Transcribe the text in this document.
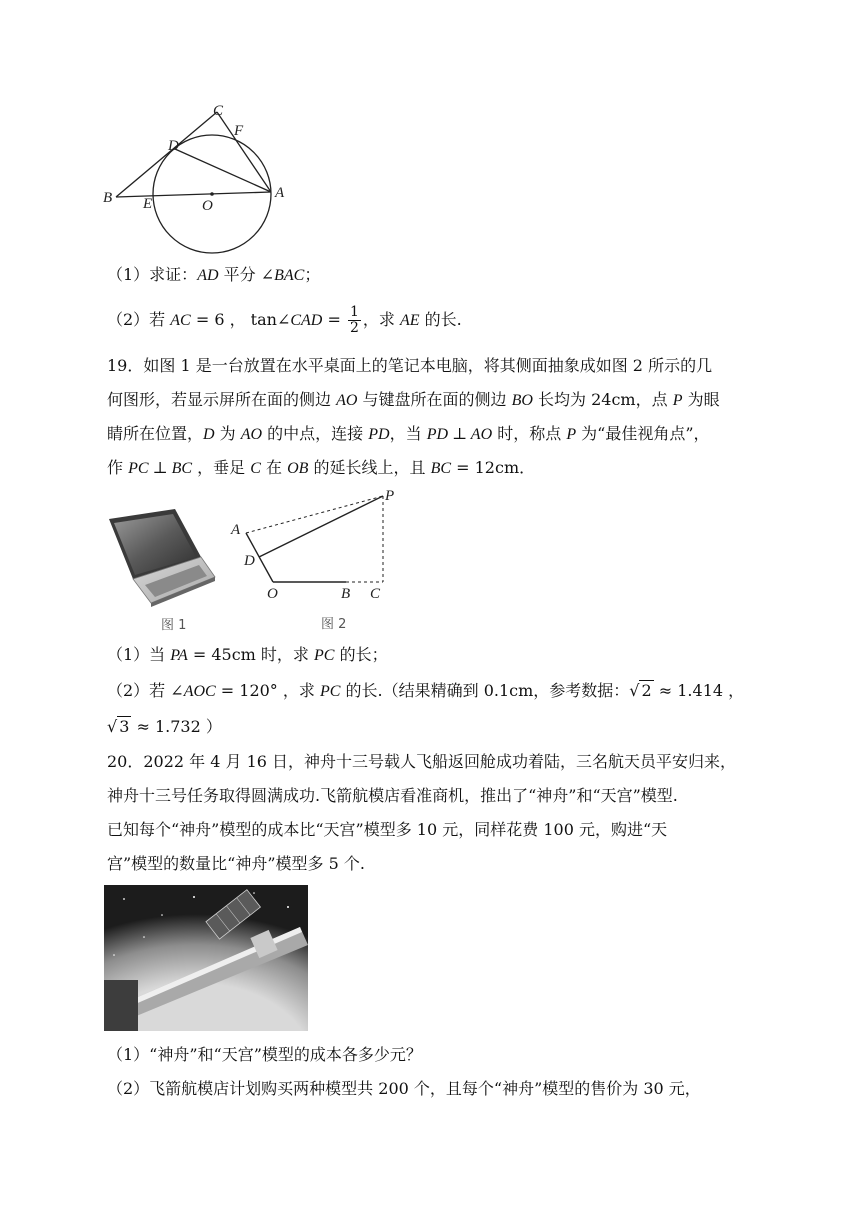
C
F
D
B E	O
A
（1）求证：AD 平分 ∠BAC；
（2）若 AC = 6 ， tan∠CAD = $\frac{1}{2}$ ，求 AE 的长.
19．如图 1 是一台放置在水平桌面上的笔记本电脑，将其侧面抽象成如图 2 所示的几
何图形，若显示屏所在面的侧边 AO 与键盘所在面的侧边 BO 长均为 24cm，点 P 为眼
睛所在位置，D 为 AO 的中点，连接 PD，当 PD ⊥ AO 时，称点 P 为“最佳视角点”，
作 PC ⊥ BC ，垂足 C 在 OB 的延长线上，且 BC = 12cm．
图 1
P
A
D
O	B C
图 2
（1）当 PA = 45cm 时，求 PC 的长；
（2）若 ∠AOC = 120° ，求 PC 的长.（结果精确到 0.1cm，参考数据：√ 2 ≈ 1.414 ，
√ 3 ≈ 1.732 ）
20．2022 年 4 月 16 日，神舟十三号载人飞船返回舱成功着陆，三名航天员平安归来，
神舟十三号任务取得圆满成功.飞箭航模店看准商机，推出了“神舟”和“天宫”模型.
已知每个“神舟”模型的成本比“天宫”模型多 10 元，同样花费 100 元，购进“天
宫”模型的数量比“神舟”模型多 5 个.
（1）“神舟”和“天宫”模型的成本各多少元？
（2）飞箭航模店计划购买两种模型共 200 个，且每个“神舟”模型的售价为 30 元，
